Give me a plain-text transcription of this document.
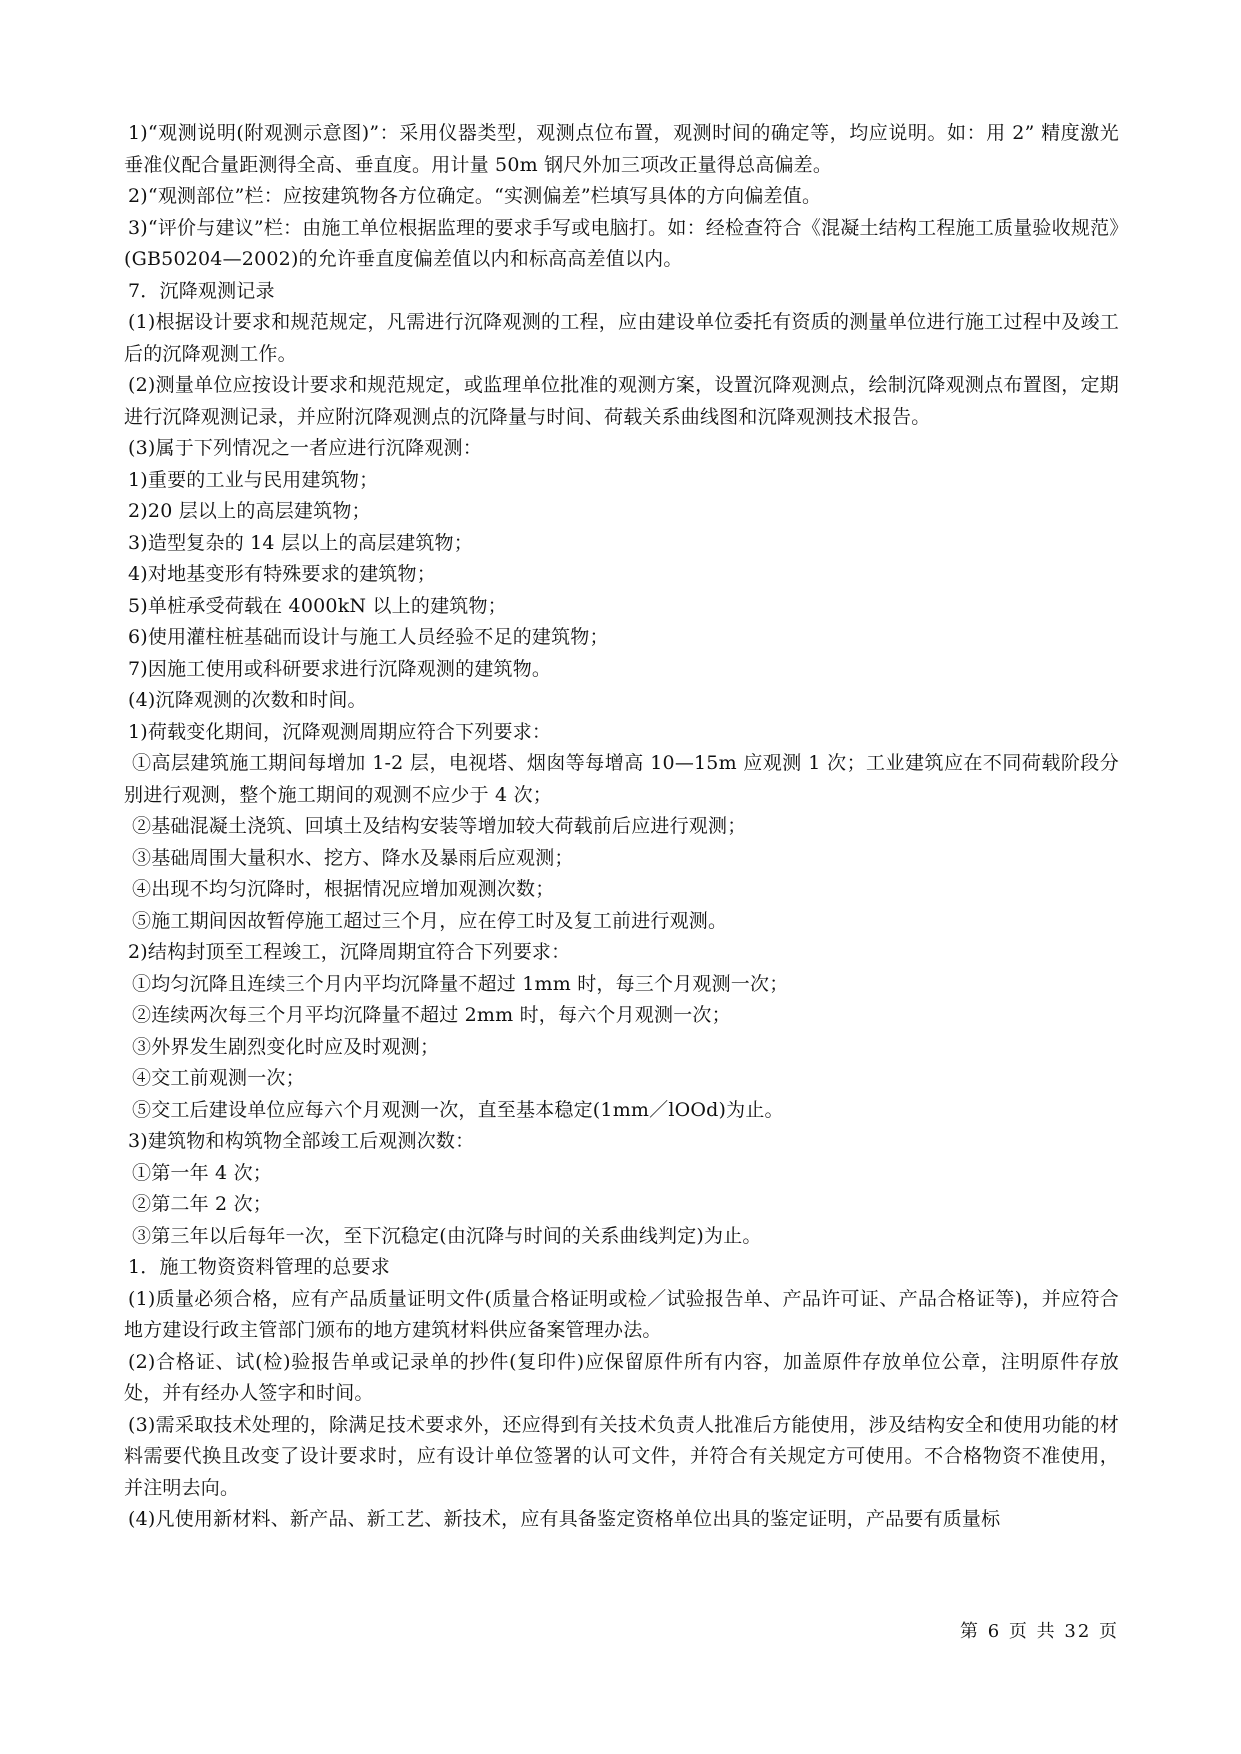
1)“观测说明(附观测示意图)”：采用仪器类型，观测点位布置，观测时间的确定等，均应说明。如：用 2” 精度激光垂准仪配合量距测得全高、垂直度。用计量 50m 钢尺外加三项改正量得总高偏差。

2)“观测部位”栏：应按建筑物各方位确定。“实测偏差”栏填写具体的方向偏差值。

3)“评价与建议”栏：由施工单位根据监理的要求手写或电脑打。如：经检查符合《混凝土结构工程施工质量验收规范》(GB50204—2002)的允许垂直度偏差值以内和标高高差值以内。

7．沉降观测记录

(1)根据设计要求和规范规定，凡需进行沉降观测的工程，应由建设单位委托有资质的测量单位进行施工过程中及竣工后的沉降观测工作。

(2)测量单位应按设计要求和规范规定，或监理单位批准的观测方案，设置沉降观测点，绘制沉降观测点布置图，定期进行沉降观测记录，并应附沉降观测点的沉降量与时间、荷载关系曲线图和沉降观测技术报告。

(3)属于下列情况之一者应进行沉降观测：

1)重要的工业与民用建筑物；

2)20 层以上的高层建筑物；

3)造型复杂的 14 层以上的高层建筑物；

4)对地基变形有特殊要求的建筑物；

5)单桩承受荷载在 4000kN 以上的建筑物；

6)使用灌柱桩基础而设计与施工人员经验不足的建筑物；

7)因施工使用或科研要求进行沉降观测的建筑物。

(4)沉降观测的次数和时间。

1)荷载变化期间，沉降观测周期应符合下列要求：

①高层建筑施工期间每增加 1-2 层，电视塔、烟囱等每增高 10—15m 应观测 1 次；工业建筑应在不同荷载阶段分别进行观测，整个施工期间的观测不应少于 4 次；

②基础混凝土浇筑、回填土及结构安装等增加较大荷载前后应进行观测；

③基础周围大量积水、挖方、降水及暴雨后应观测；

④出现不均匀沉降时，根据情况应增加观测次数；

⑤施工期间因故暂停施工超过三个月，应在停工时及复工前进行观测。

2)结构封顶至工程竣工，沉降周期宜符合下列要求：

①均匀沉降且连续三个月内平均沉降量不超过 1mm 时，每三个月观测一次；

②连续两次每三个月平均沉降量不超过 2mm 时，每六个月观测一次；

③外界发生剧烈变化时应及时观测；

④交工前观测一次；

⑤交工后建设单位应每六个月观测一次，直至基本稳定(1mm／lOOd)为止。

3)建筑物和构筑物全部竣工后观测次数：

①第一年 4 次；

②第二年 2 次；

③第三年以后每年一次，至下沉稳定(由沉降与时间的关系曲线判定)为止。

1．施工物资资料管理的总要求

(1)质量必须合格，应有产品质量证明文件(质量合格证明或检／试验报告单、产品许可证、产品合格证等)，并应符合地方建设行政主管部门颁布的地方建筑材料供应备案管理办法。

(2)合格证、试(检)验报告单或记录单的抄件(复印件)应保留原件所有内容，加盖原件存放单位公章，注明原件存放处，并有经办人签字和时间。

(3)需采取技术处理的，除满足技术要求外，还应得到有关技术负责人批准后方能使用，涉及结构安全和使用功能的材料需要代换且改变了设计要求时，应有设计单位签署的认可文件，并符合有关规定方可使用。不合格物资不准使用，并注明去向。

(4)凡使用新材料、新产品、新工艺、新技术，应有具备鉴定资格单位出具的鉴定证明，产品要有质量标

第 6 页 共 32 页
